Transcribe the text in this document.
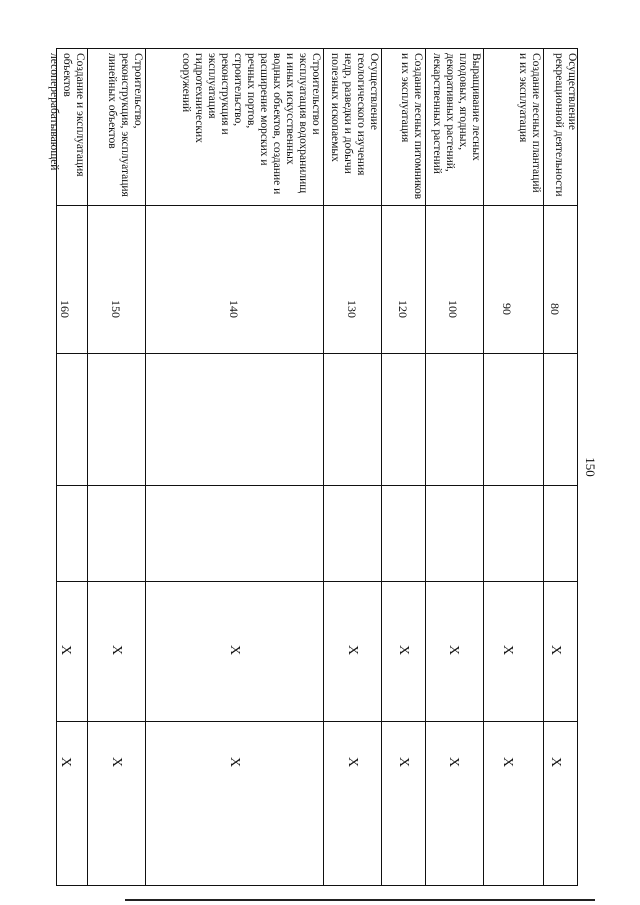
150
Осуществление рекреационной деятельности
Создание лесных плантаций и их эксплуатация
Выращивание лесных плодовых, ягодных, декоративных растений, лекарственных растений
Создание лесных питомников и их эксплуатация
Осуществление геологического изучения недр, разведки и добычи полезных ископаемых
Строительство и эксплуатация водохранилищ и иных искусственных водных объектов, создание и расширение морских и речных портов, строительство, реконструкция и эксплуатация гидротехнических сооружений
Строительство, реконструкция, эксплуатация линейных объектов
Создание и эксплуатация объектов лесоперерабатывающей
80
90
100
120
130
140
150
160
X
X
X
X
X
X
X
X
X
X
X
X
X
X
X
X
